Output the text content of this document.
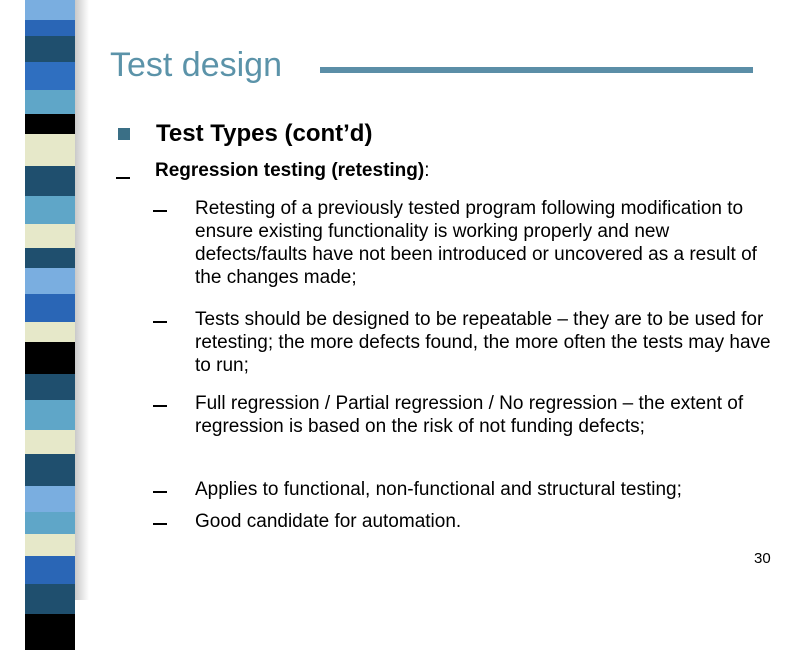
Test design
Test Types (cont’d)
Regression testing (retesting):
Retesting of a previously tested program following modification to ensure existing functionality is working properly and new defects/faults have not been introduced or uncovered as a result of the changes made;
Tests should be designed to be repeatable – they are to be used for retesting; the more defects found, the more often the tests may have to run;
Full regression / Partial regression / No regression – the extent of regression is based on the risk of not funding defects;
Applies to functional, non-functional and structural testing;
Good candidate for automation.
30
